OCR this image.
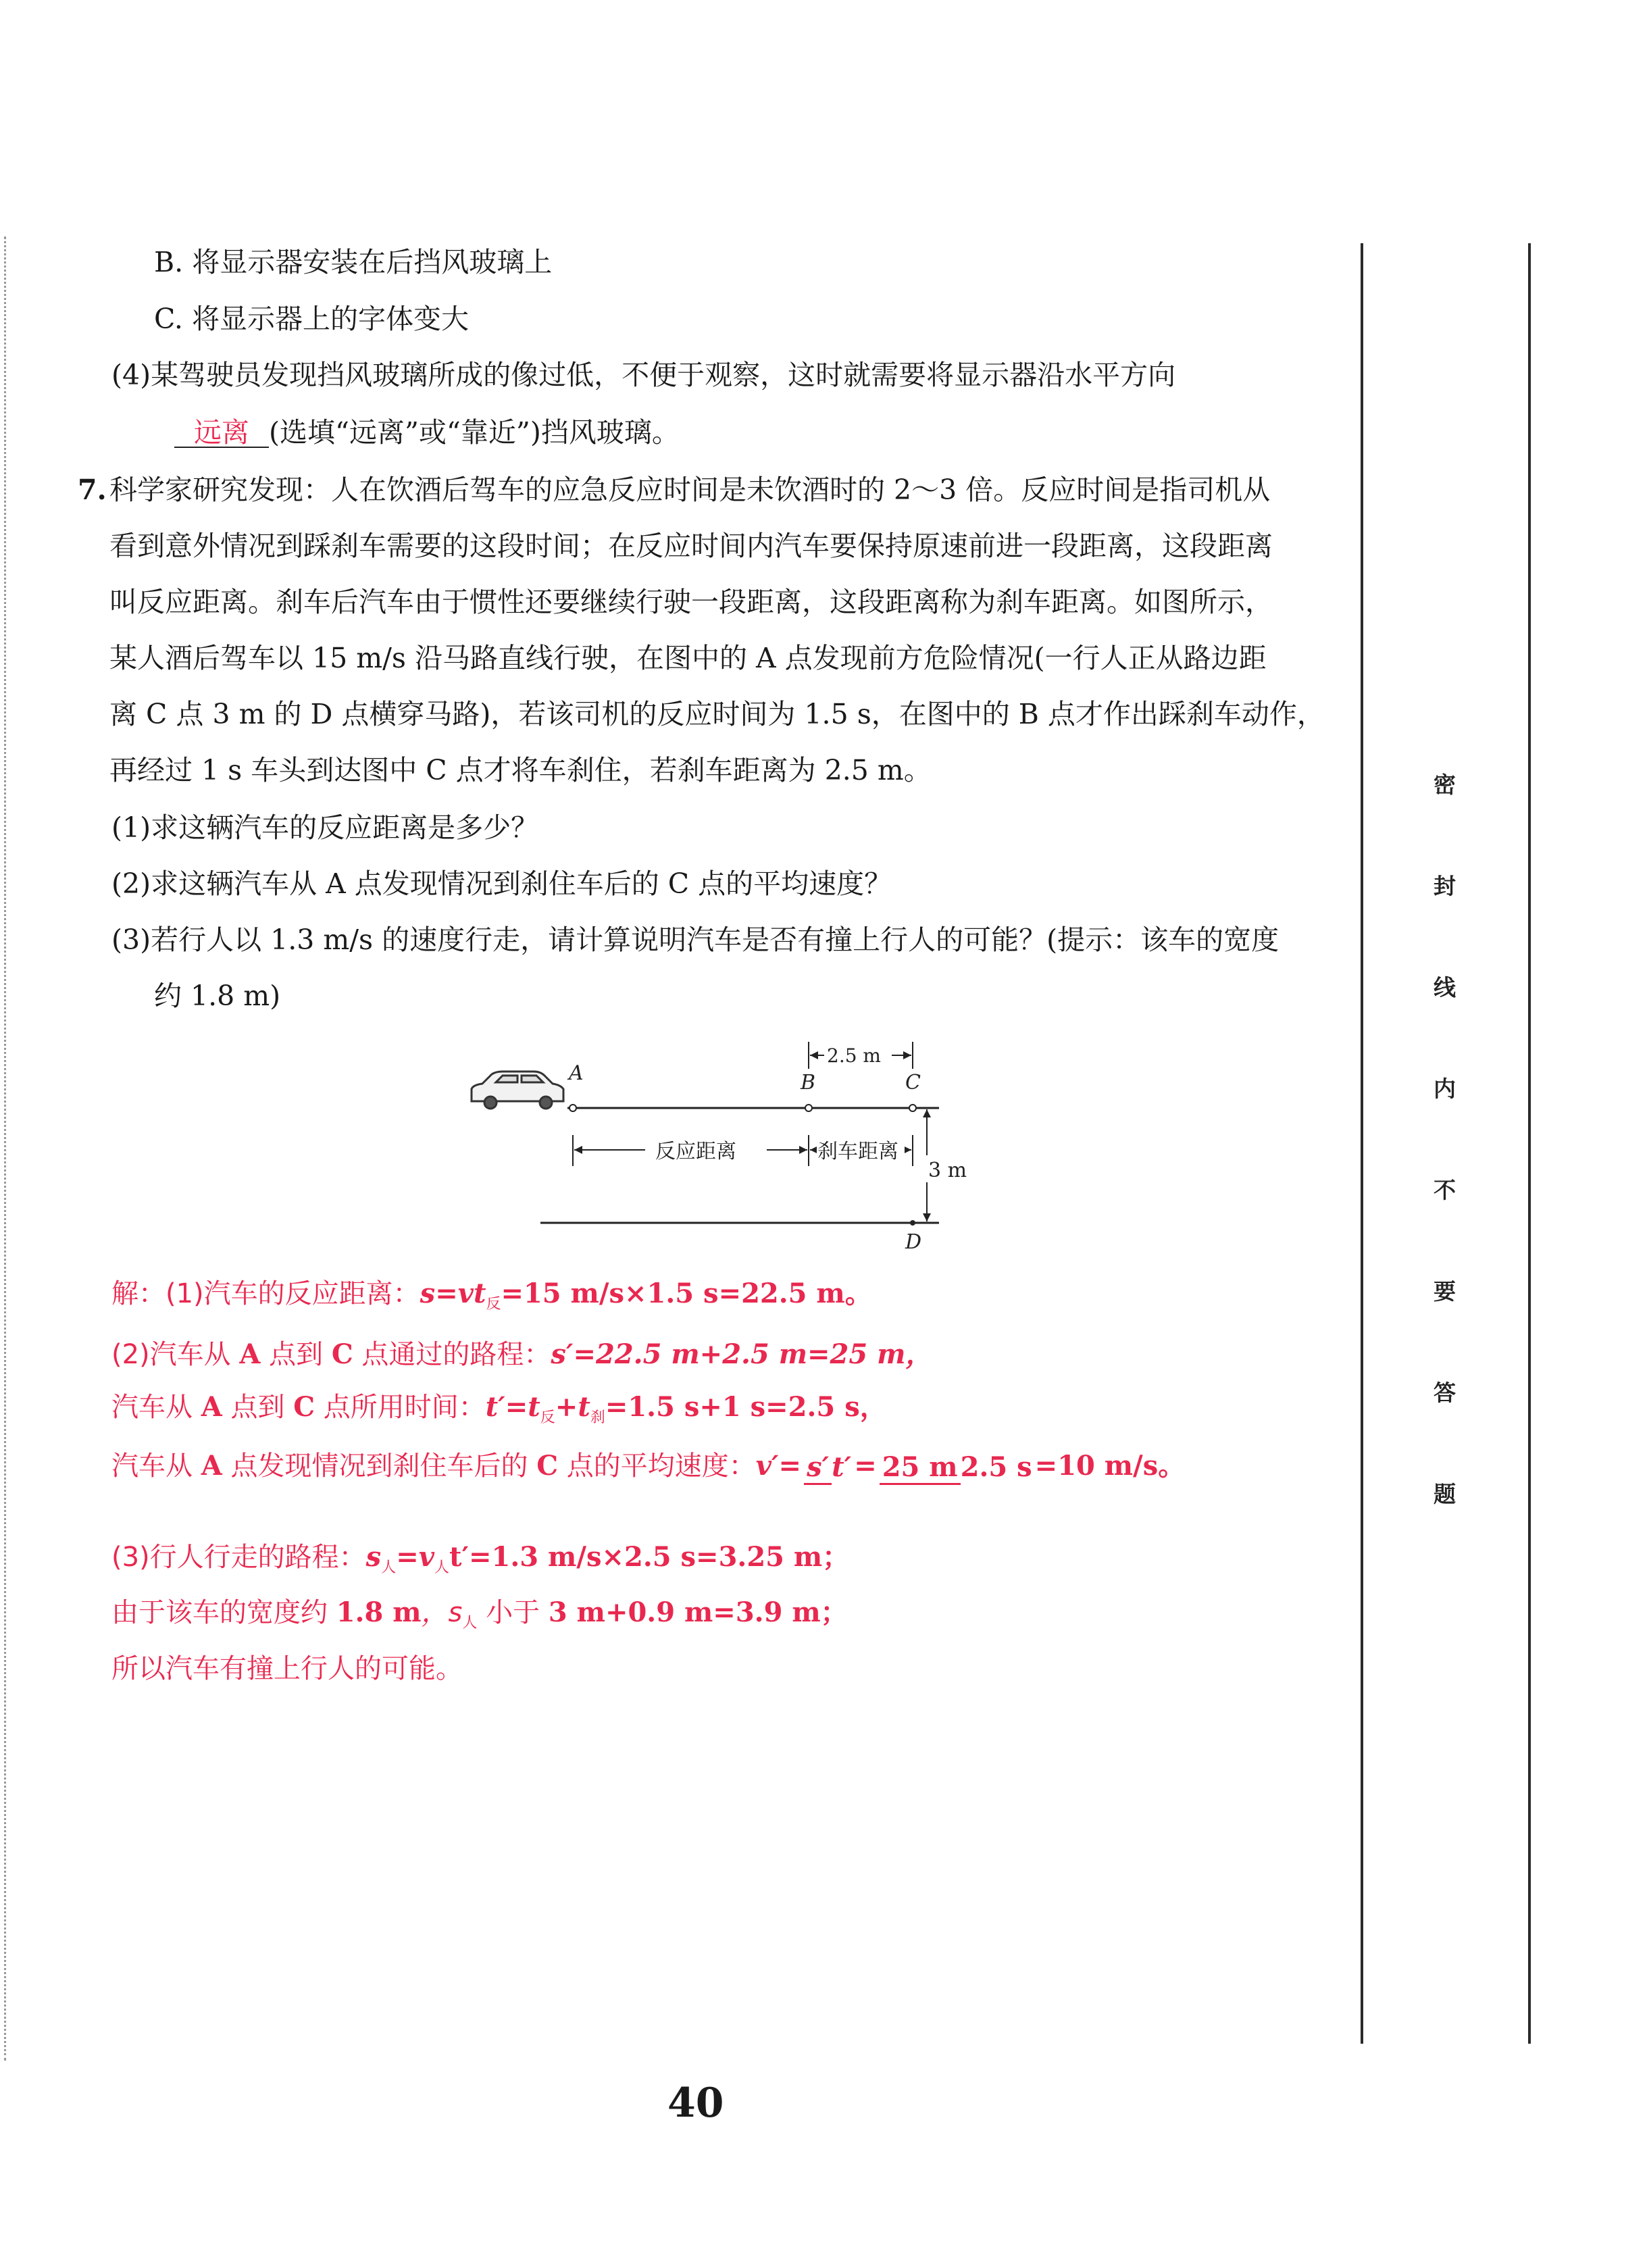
密
封
线
内
不
要
答
题
B. 将显示器安装在后挡风玻璃上
C. 将显示器上的字体变大
(4)某驾驶员发现挡风玻璃所成的像过低，不便于观察，这时就需要将显示器沿水平方向
远离 (选填“远离”或“靠近”)挡风玻璃。
7. 科学家研究发现：人在饮酒后驾车的应急反应时间是未饮酒时的 2～3 倍。反应时间是指司机从
看到意外情况到踩刹车需要的这段时间；在反应时间内汽车要保持原速前进一段距离，这段距离
叫反应距离。刹车后汽车由于惯性还要继续行驶一段距离，这段距离称为刹车距离。如图所示，
某人酒后驾车以 15 m/s 沿马路直线行驶，在图中的 A 点发现前方危险情况(一行人正从路边距
离 C 点 3 m 的 D 点横穿马路)，若该司机的反应时间为 1.5 s，在图中的 B 点才作出踩刹车动作，
再经过 1 s 车头到达图中 C 点才将车刹住，若刹车距离为 2.5 m。
(1)求这辆汽车的反应距离是多少？
(2)求这辆汽车从 A 点发现情况到刹住车后的 C 点的平均速度？
(3)若行人以 1.3 m/s 的速度行走，请计算说明汽车是否有撞上行人的可能？(提示：该车的宽度
约 1.8 m)
A	B	C
D
2.5 m
反应距离	刹车距离
3 m
解：(1)汽车的反应距离：$s=vt_反=15$ m/s×1.5 s=22.5 m。
(2)汽车从 A 点到 C 点通过的路程：s′=22.5 m+2.5 m=25 m，
汽车从 A 点到 C 点所用时间：$t'=t_反+t_刹=1.5$ s+1 s=2.5 s，
汽车从 A 点发现情况到刹住车后的 C 点的平均速度：v′= s′ t′ = 25 m 2.5 s =10 m/s。
(3)行人行走的路程：$s_人=v_人t'=1.3$ m/s×2.5 s=3.25 m；
由于该车的宽度约 1.8 m，$s_人$ 小于 3 m+0.9 m=3.9 m；
所以汽车有撞上行人的可能。
40
